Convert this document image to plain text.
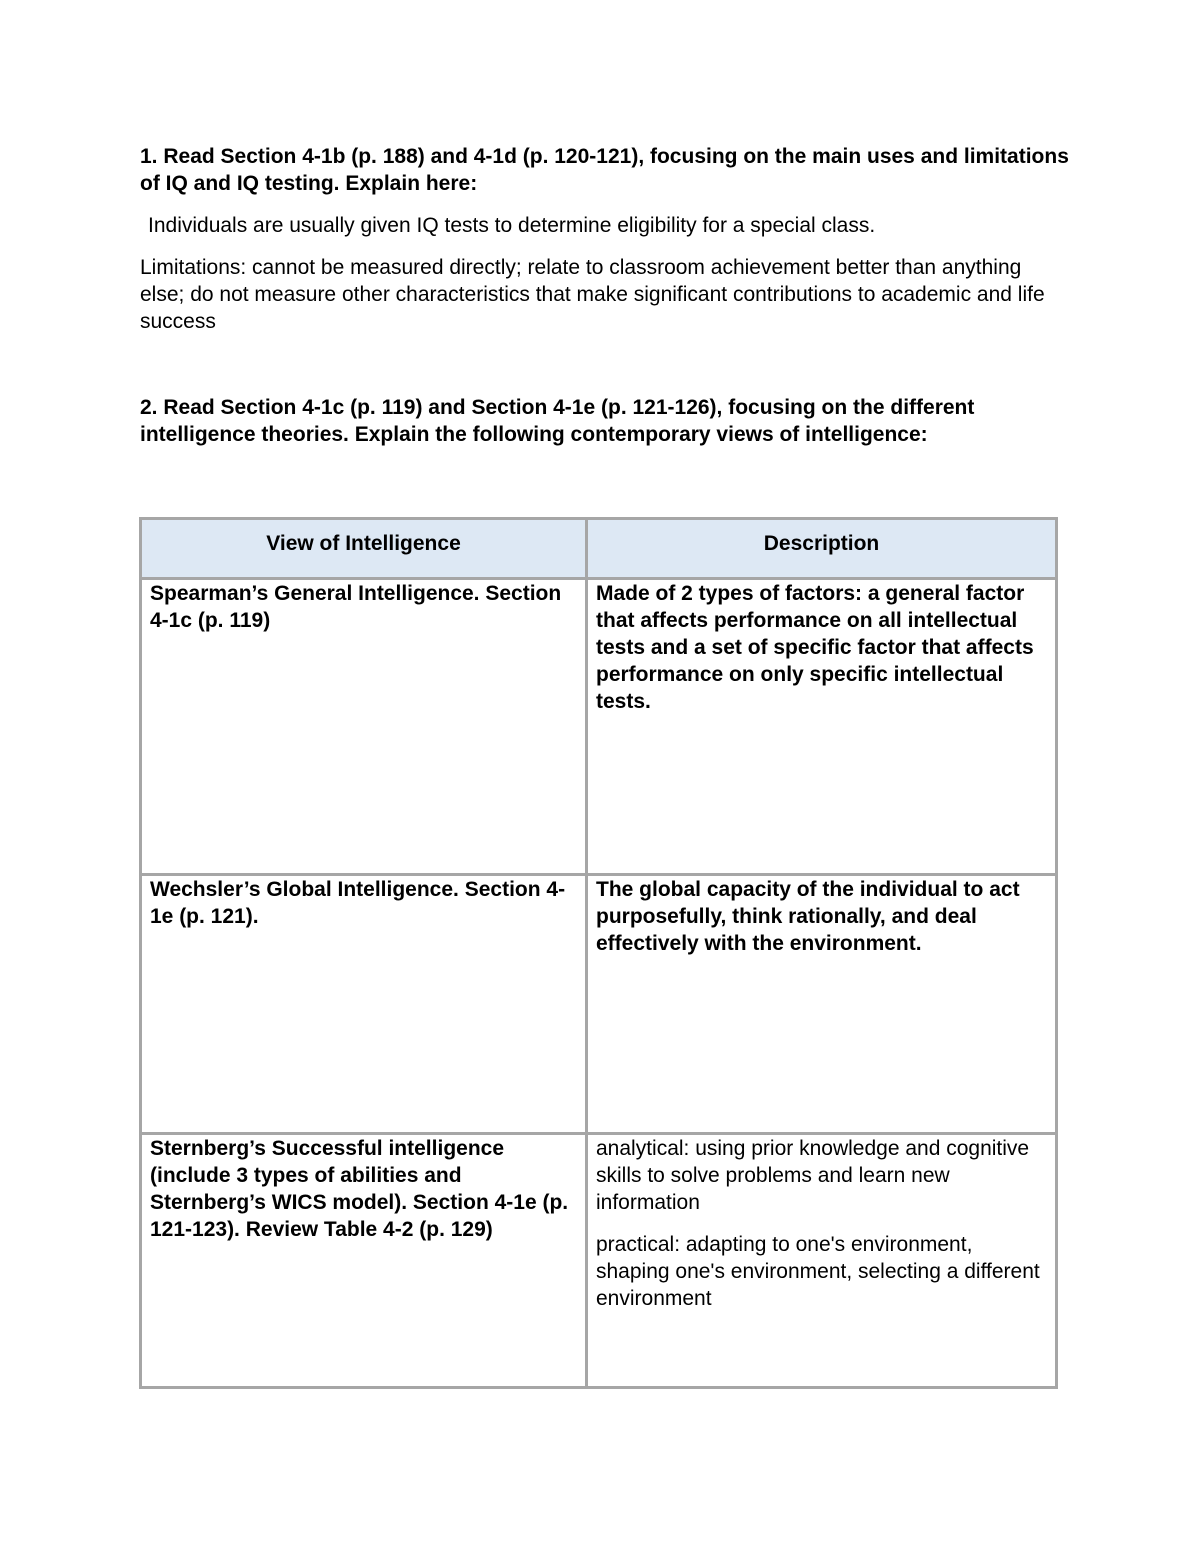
1. Read Section 4-1b (p. 188) and 4-1d (p. 120-121), focusing on the main uses and limitations of IQ and IQ testing. Explain here:
Individuals are usually given IQ tests to determine eligibility for a special class.
Limitations: cannot be measured directly; relate to classroom achievement better than anything else; do not measure other characteristics that make significant contributions to academic and life success
2. Read Section 4-1c (p. 119) and Section 4-1e (p. 121-126), focusing on the different intelligence theories. Explain the following contemporary views of intelligence:
View of Intelligence	Description
Spearman’s General Intelligence. Section 4-1c (p. 119)	Made of 2 types of factors: a general factor that affects performance on all intellectual tests and a set of specific factor that affects performance on only specific intellectual tests.
Wechsler’s Global Intelligence. Section 4-1e (p. 121).	The global capacity of the individual to act purposefully, think rationally, and deal effectively with the environment.
Sternberg’s Successful intelligence (include 3 types of abilities and Sternberg’s WICS model). Section 4-1e (p. 121-123). Review Table 4-2 (p. 129)	analytical: using prior knowledge and cognitive skills to solve problems and learn new information

practical: adapting to one's environment, shaping one's environment, selecting a different environment
